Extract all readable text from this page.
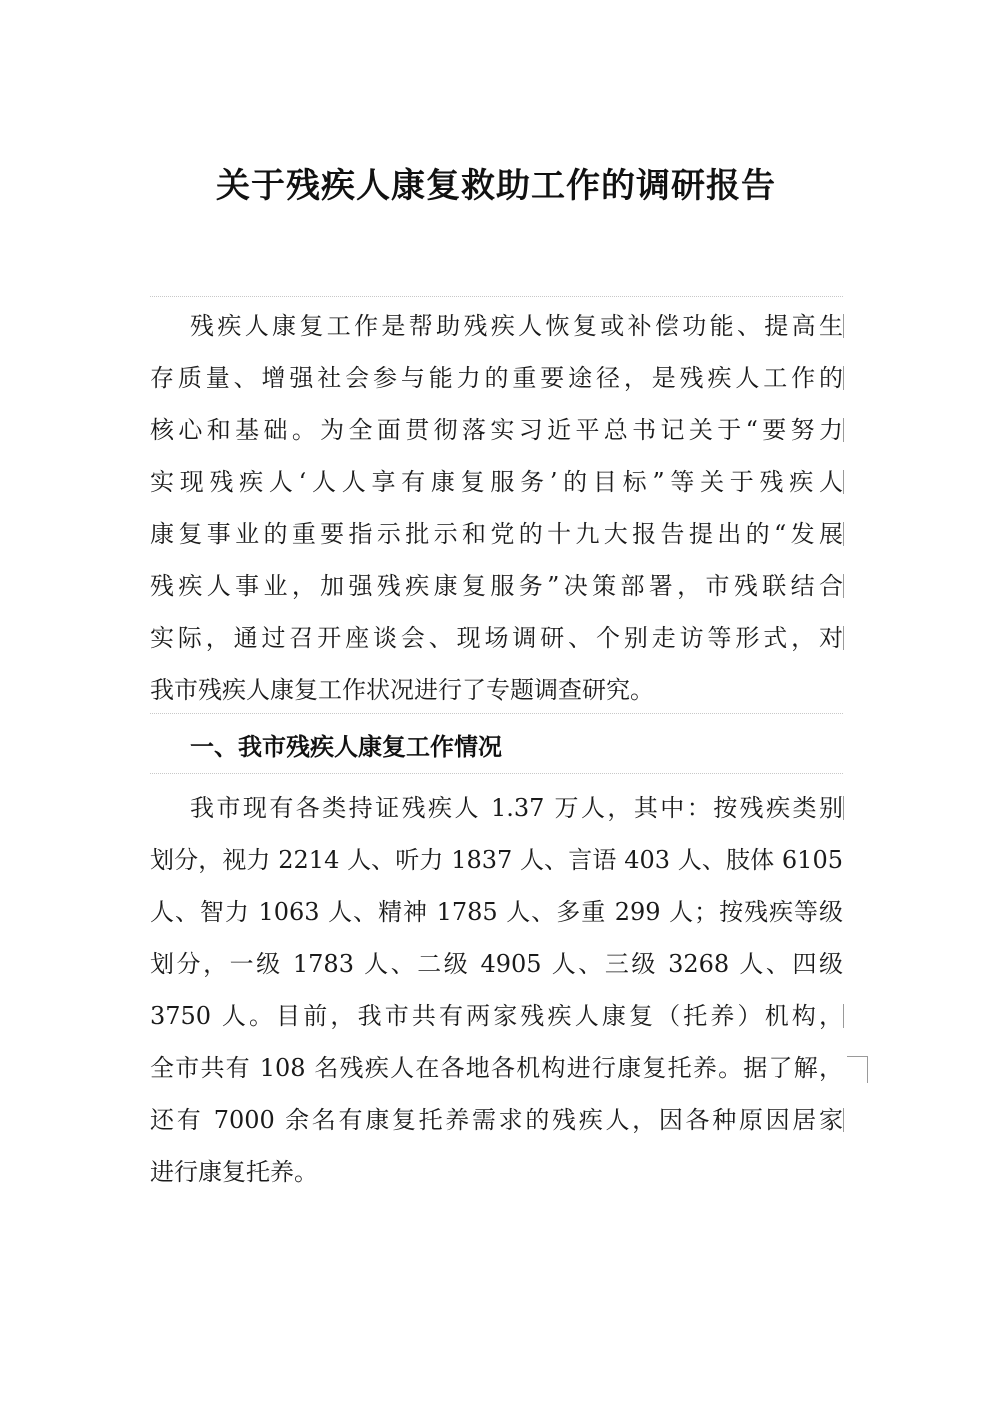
关于残疾人康复救助工作的调研报告
残疾人康复工作是帮助残疾人恢复或补偿功能、提高生
存质量、增强社会参与能力的重要途径，是残疾人工作的
核心和基础。为全面贯彻落实习近平总书记关于“要努力
实现残疾人‘人人享有康复服务’的目标”等关于残疾人
康复事业的重要指示批示和党的十九大报告提出的“发展
残疾人事业，加强残疾康复服务”决策部署，市残联结合
实际，通过召开座谈会、现场调研、个别走访等形式，对
我市残疾人康复工作状况进行了专题调查研究。
一、我市残疾人康复工作情况
我市现有各类持证残疾人 1.37 万人，其中：按残疾类别
划分，视力 2214 人、听力 1837 人、言语 403 人、肢体 6105
人、智力 1063 人、精神 1785 人、多重 299 人；按残疾等级
划分，一级 1783 人、二级 4905 人、三级 3268 人、四级
3750 人。目前，我市共有两家残疾人康复（托养）机构，
全市共有 108 名残疾人在各地各机构进行康复托养。据了解，
还有 7000 余名有康复托养需求的残疾人，因各种原因居家
进行康复托养。
